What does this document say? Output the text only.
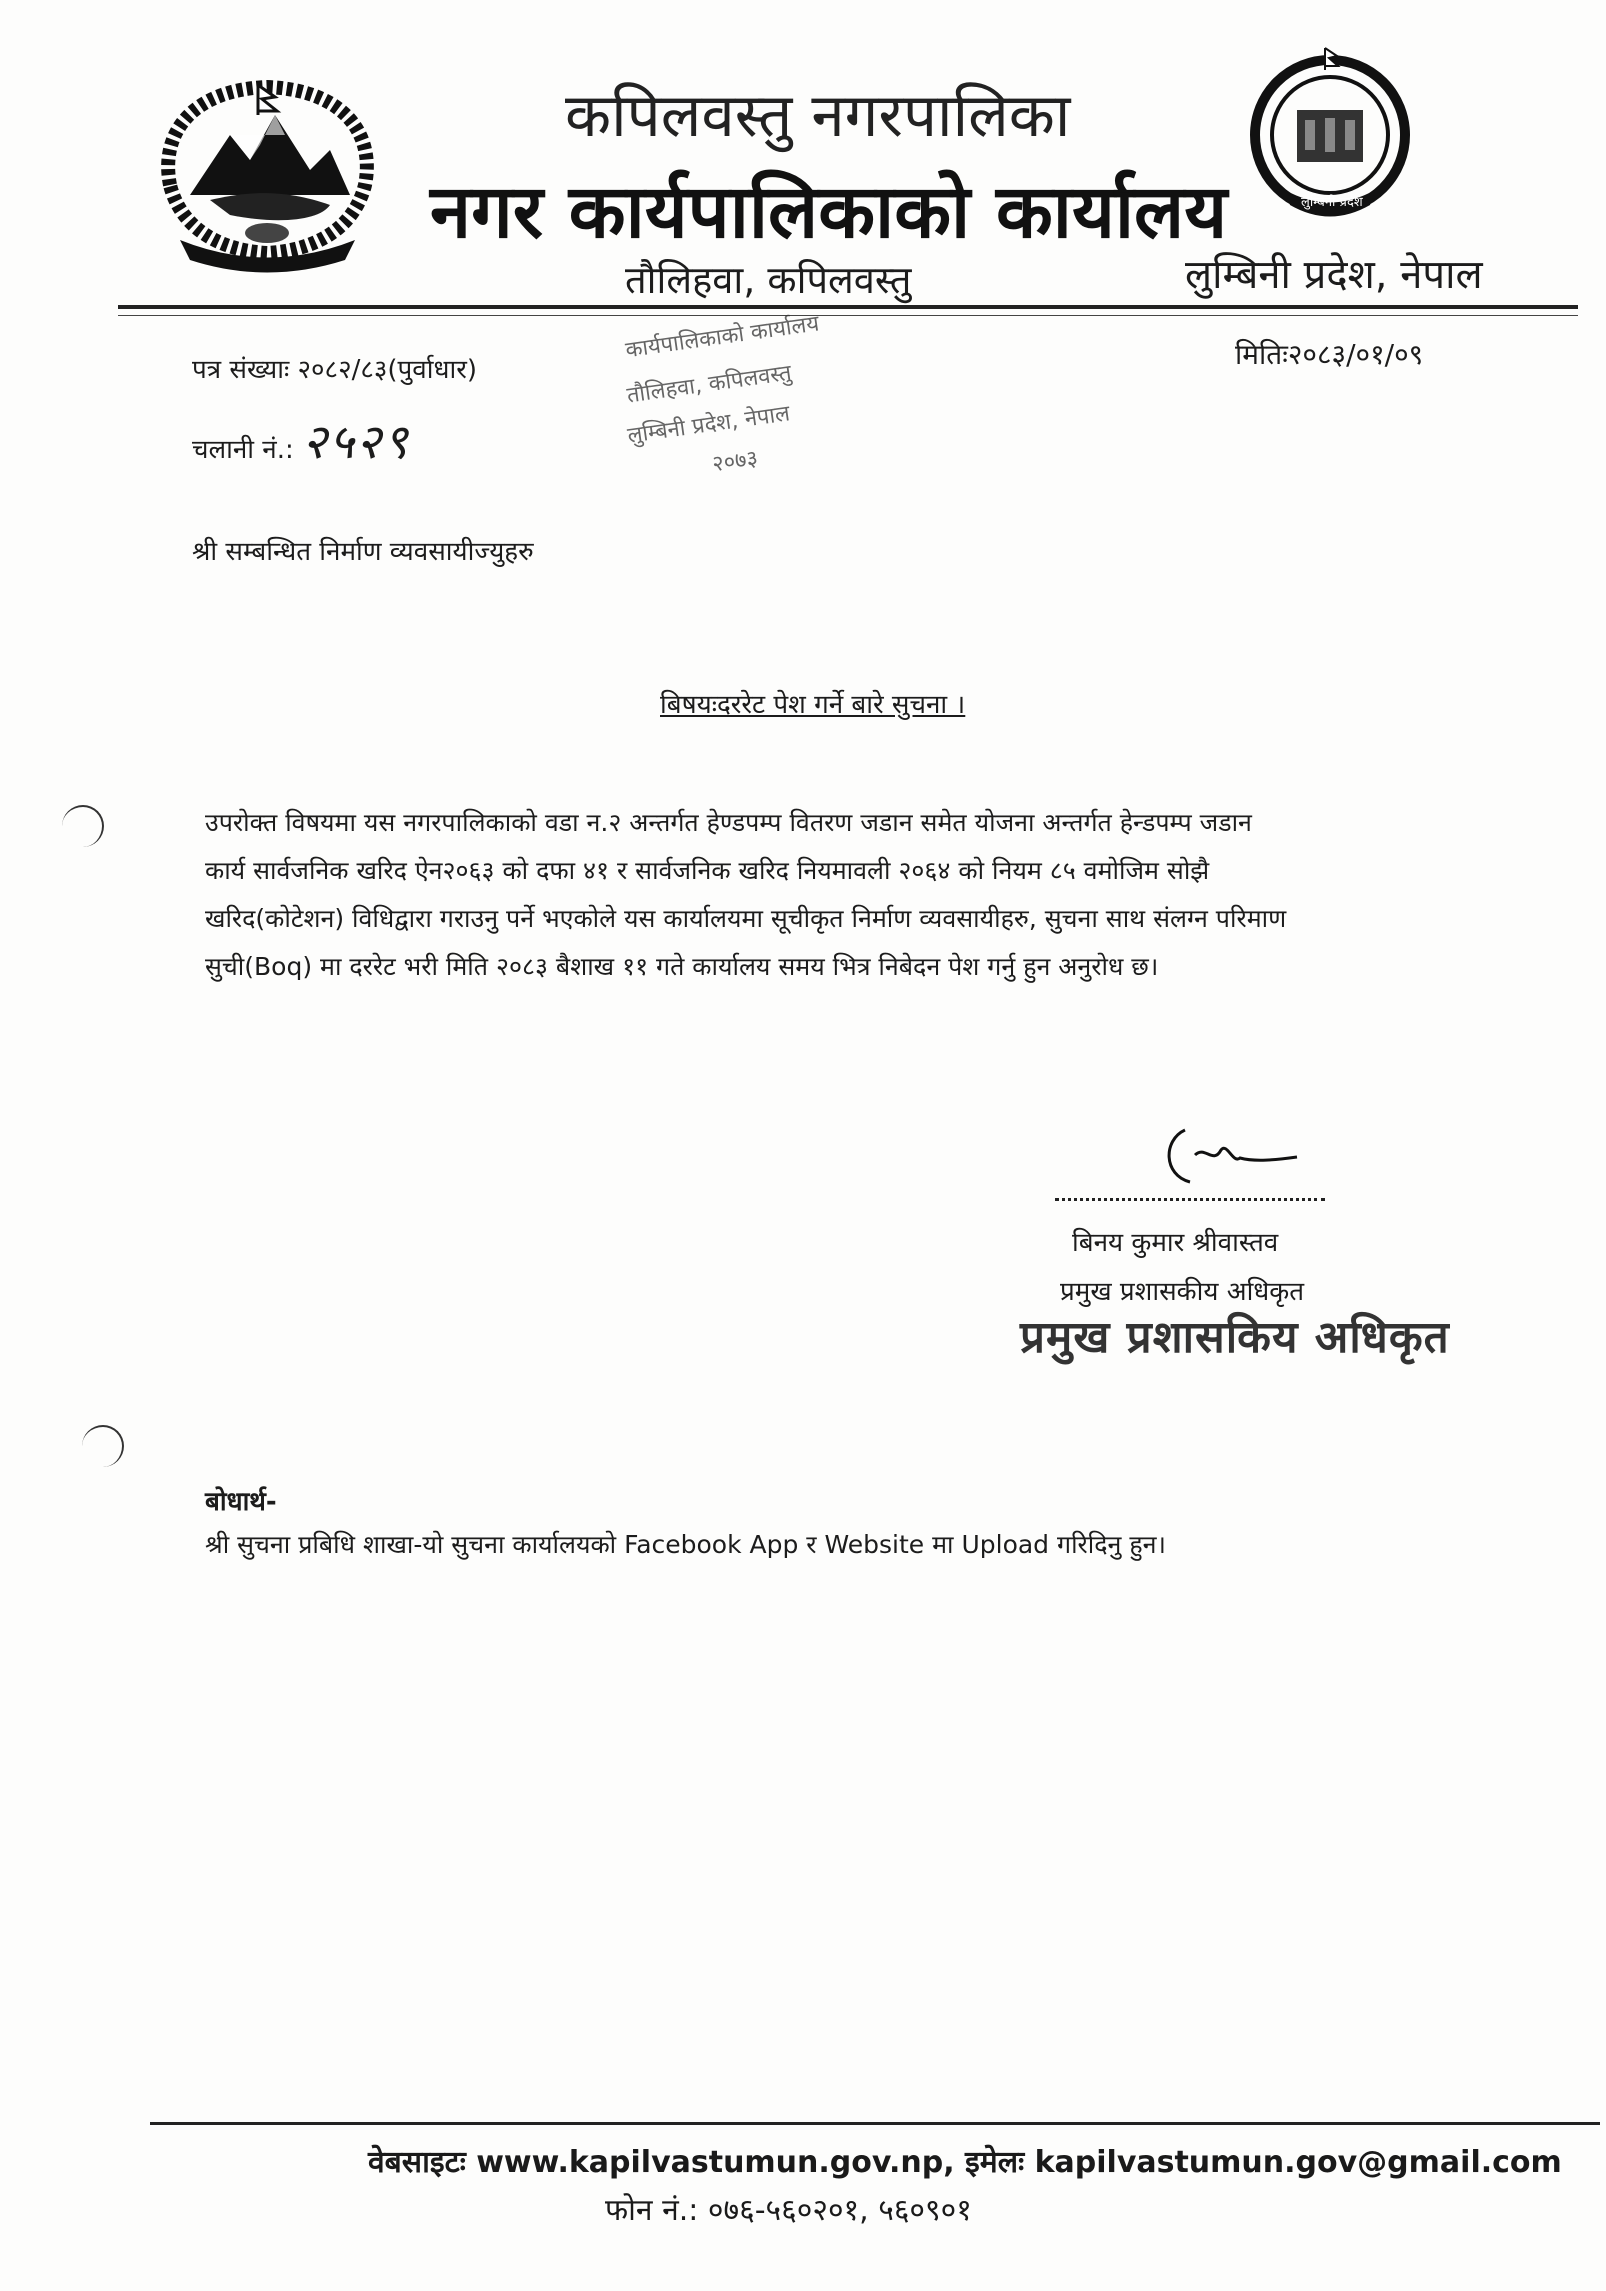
कपिलवस्तु नगरपालिका
नगर कार्यपालिकाको कार्यालय
तौलिहवा, कपिलवस्तु	लुम्बिनी प्रदेश, नेपाल
लुम्बिनी प्रदेश
पत्र संख्याः २०८२/८३(पुर्वाधार)
चलानी नं.: २५२९
मितिः२०८३/०१/०९
कार्यपालिकाको कार्यालय
तौलिहवा, कपिलवस्तु
लुम्बिनी प्रदेश, नेपाल
२०७३
श्री सम्बन्धित निर्माण व्यवसायीज्युहरु
बिषयःदररेट पेश गर्ने बारे सुचना ।
उपरोक्त विषयमा यस नगरपालिकाको वडा न.२ अन्तर्गत हेण्डपम्प वितरण जडान समेत योजना अन्तर्गत हेन्डपम्प जडान
कार्य सार्वजनिक खरिद ऐन२०६३ को दफा ४१ र सार्वजनिक खरिद नियमावली २०६४ को नियम ८५ वमोजिम सोझै
खरिद(कोटेशन) विधिद्वारा गराउनु पर्ने भएकोले यस कार्यालयमा सूचीकृत निर्माण व्यवसायीहरु, सुचना साथ संलग्न परिमाण
सुची(Boq) मा दररेट भरी मिति २०८३ बैशाख ११ गते कार्यालय समय भित्र निबेदन पेश गर्नु हुन अनुरोध छ।
बिनय कुमार श्रीवास्तव
प्रमुख प्रशासकीय अधिकृत
प्रमुख प्रशासकिय अधिकृत
बोधार्थ-
श्री सुचना प्रबिधि शाखा-यो सुचना कार्यालयको Facebook App र Website मा Upload गरिदिनु हुन।
वेबसाइटः www.kapilvastumun.gov.np, इमेलः kapilvastumun.gov@gmail.com
फोन नं.: ०७६-५६०२०१, ५६०९०१
